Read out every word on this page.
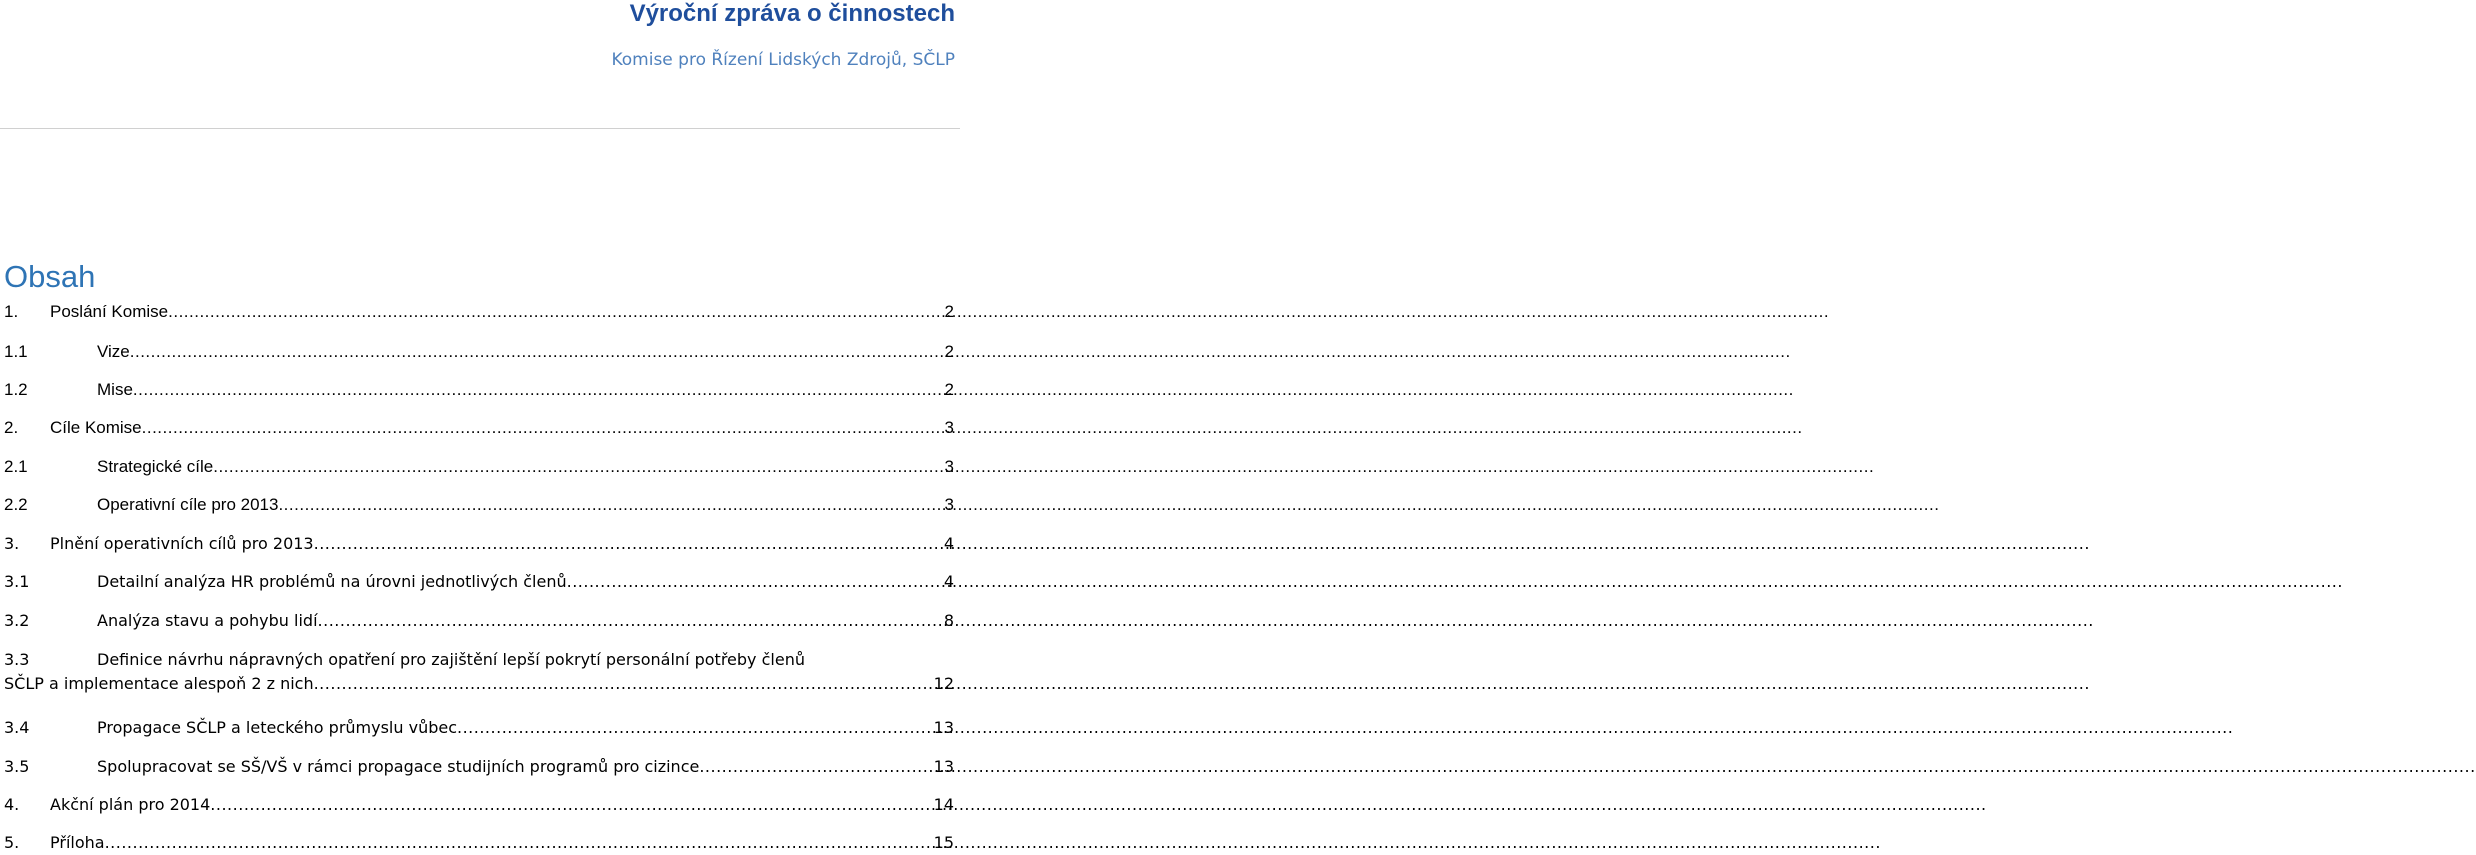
Výroční zpráva o činnostech
Komise pro Řízení Lidských Zdrojů, SČLP
Obsah
1.	Poslání Komise .....	2
1.1	Vize .....	2
1.2	Mise .....	2
2.	Cíle Komise .....	3
2.1	Strategické cíle .....	3
2.2	Operativní cíle pro 2013 .....	3
3.	Plnění operativních cílů pro 2013 .....	4
3.1	Detailní analýza HR problémů na úrovni jednotlivých členů .....	4
3.2	Analýza stavu a pohybu lidí .....	8
3.3	Definice návrhu nápravných opatření pro zajištění lepší pokrytí personální potřeby členů
SČLP a implementace alespoň 2 z nich .....	12
3.4	Propagace SČLP a leteckého průmyslu vůbec .....	13
3.5	Spolupracovat se SŠ/VŠ v rámci propagace studijních programů pro cizince .....	13
4.	Akční plán pro 2014 .....	14
5.	Příloha .....	15
